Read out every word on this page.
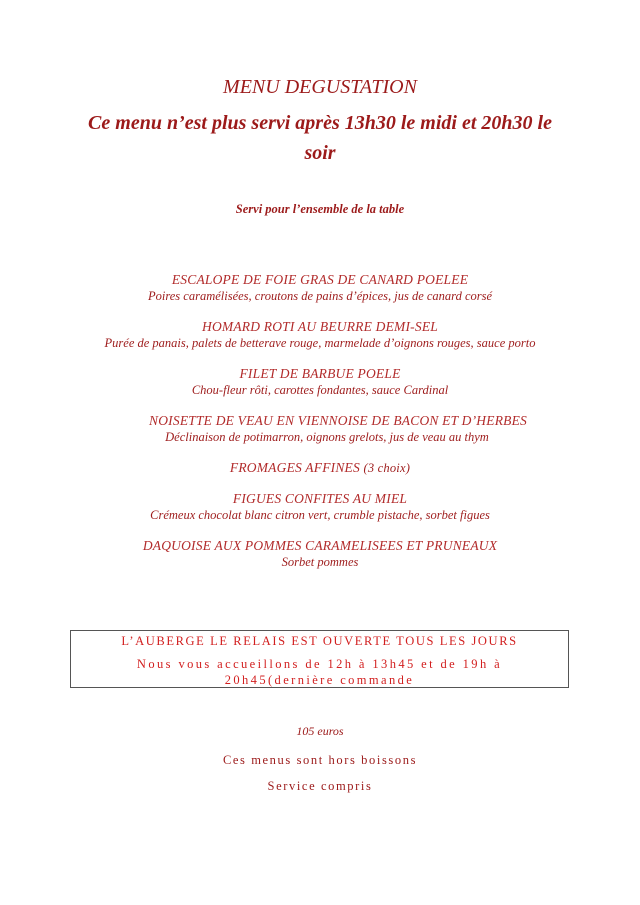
MENU DEGUSTATION
Ce menu n’est plus servi après 13h30 le midi et 20h30 le soir
Servi pour l’ensemble de la table
ESCALOPE DE FOIE GRAS DE CANARD POELEE
Poires caramélisées, croutons de pains d’épices, jus de canard corsé
HOMARD ROTI AU BEURRE DEMI-SEL
Purée de panais, palets de betterave rouge, marmelade d’oignons rouges, sauce porto
FILET DE BARBUE POELE
Chou-fleur rôti, carottes fondantes, sauce Cardinal
NOISETTE DE VEAU EN VIENNOISE DE BACON ET D’HERBES
Déclinaison de potimarron, oignons grelots, jus de veau au thym
FROMAGES AFFINES (3 choix)
FIGUES CONFITES AU MIEL
Crémeux chocolat blanc citron vert, crumble pistache, sorbet figues
DAQUOISE AUX POMMES CARAMELISEES ET PRUNEAUX
Sorbet pommes
L’AUBERGE LE RELAIS EST OUVERTE TOUS LES JOURS
Nous vous accueillons de 12h à 13h45 et de 19h à 20h45(dernière commande
105 euros
Ces menus sont hors boissons
Service compris
